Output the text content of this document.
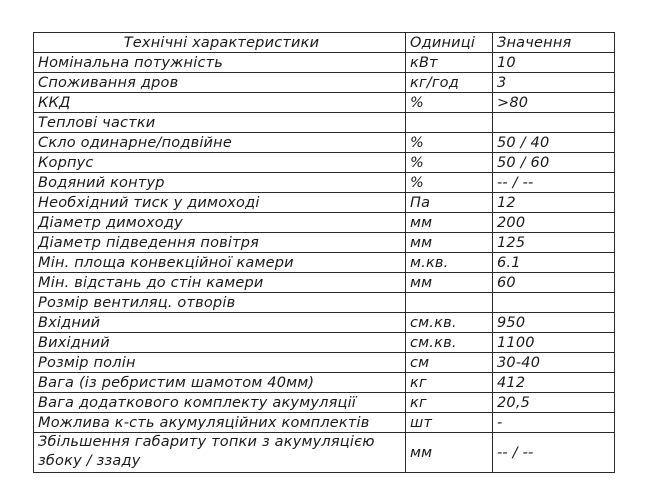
Технічні характеристики	Одиниці	Значення
Номінальна потужність	кВт	10
Споживання дров	кг/год	3
ККД	%	>80
Теплові частки		
Скло одинарне/подвійне	%	50 / 40
Корпус	%	50 / 60
Водяний контур	%	-- / --
Необхідний тиск у димоході	Па	12
Діаметр димоходу	мм	200
Діаметр підведення повітря	мм	125
Мін. площа конвекційної камери	м.кв.	6.1
Мін. відстань до стін камери	мм	60
Розмір вентиляц. отворів		
Вхідний	см.кв.	950
Вихідний	см.кв.	1100
Розмір полін	см	30-40
Вага (із ребристим шамотом 40мм)	кг	412
Вага додаткового комплекту акумуляції	кг	20,5
Можлива к-сть акумуляційних комплектів	шт	-
Збільшення габариту топки з акумуляцією збоку / ззаду	мм	-- / --
